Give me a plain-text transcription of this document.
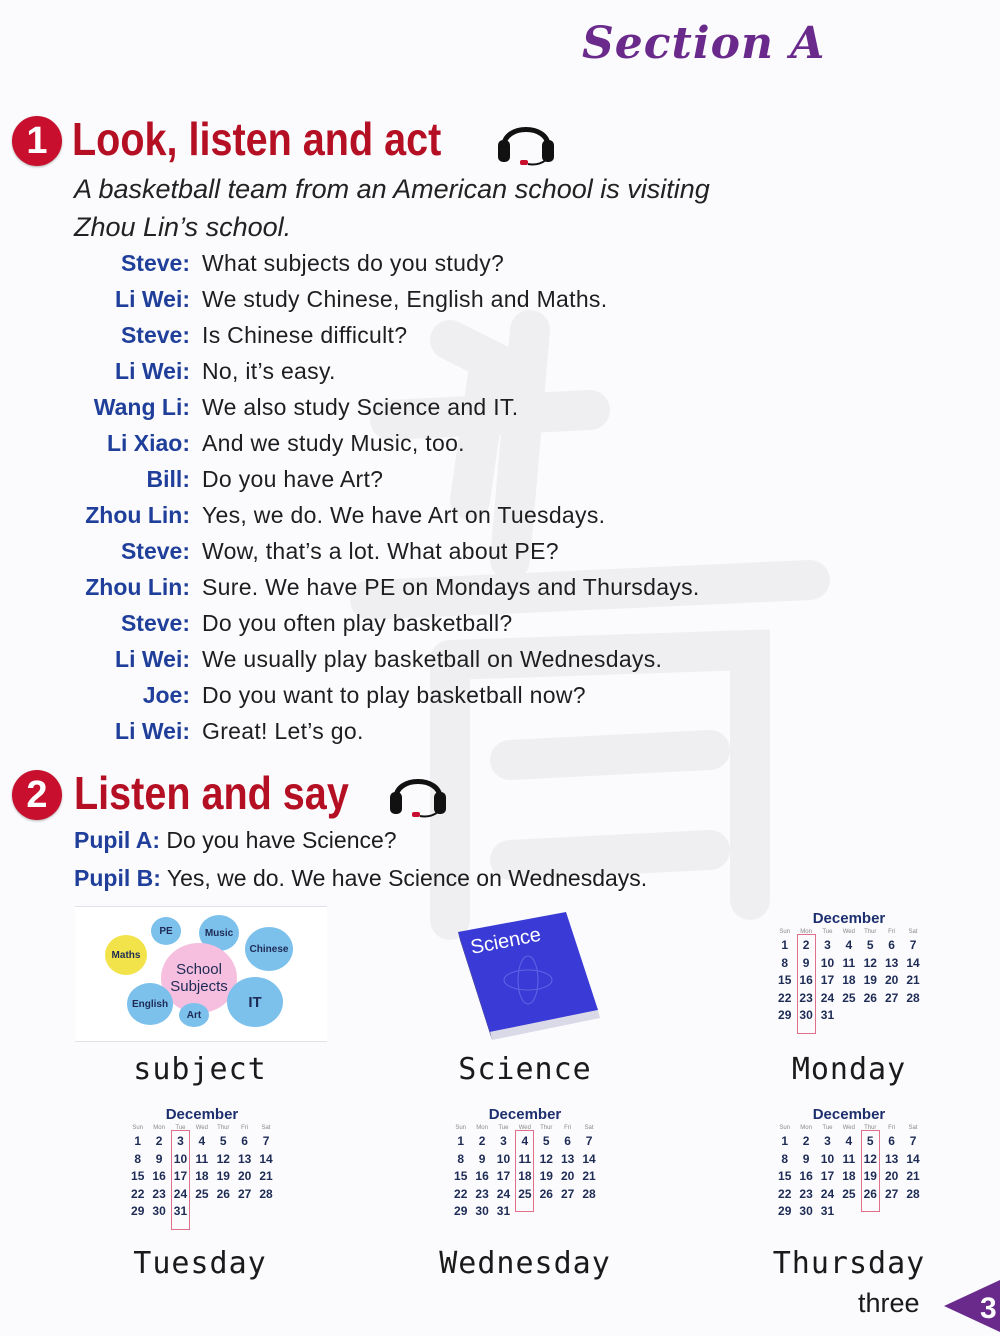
Section A
1 Look, listen and act
A basketball team from an American school is visiting
Zhou Lin’s school.
Steve: What subjects do you study?
Li Wei: We study Chinese, English and Maths.
Steve: Is Chinese difficult?
Li Wei: No, it’s easy.
Wang Li: We also study Science and IT.
Li Xiao: And we study Music, too.
Bill: Do you have Art?
Zhou Lin: Yes, we do. We have Art on Tuesdays.
Steve: Wow, that’s a lot. What about PE?
Zhou Lin: Sure. We have PE on Mondays and Thursdays.
Steve: Do you often play basketball?
Li Wei: We usually play basketball on Wednesdays.
Joe: Do you want to play basketball now?
Li Wei: Great! Let’s go.
2 Listen and say
Pupil A: Do you have Science?
Pupil B: Yes, we do. We have Science on Wednesdays.
Maths
PE	Music
Chinese
School
Subjects
English
Art
IT
Science
December
Sun	Mon	Tue	Wed	Thur	Fri	Sat
1	2	3	4	5	6	7
8	9 10 11 12 13 14
15 16 17 18 19 20 21
22 23 24 25 26 27 28
29 30 31
subject	Science	Monday
December
Sun	Mon	Tue	Wed	Thur	Fri	Sat
1	2	3	4	5	6	7
8	9 10 11 12 13 14
15 16 17 18 19 20 21
22 23 24 25 26 27 28
29 30 31
December
Sun	Mon	Tue	Wed	Thur	Fri	Sat
1	2	3	4	5	6	7
8	9 10 11 12 13 14
15 16 17 18 19 20 21
22 23 24 25 26 27 28
29 30 31
December
Sun	Mon	Tue	Wed	Thur	Fri	Sat
1	2	3	4	5	6	7
8	9 10 11 12 13 14
15 16 17 18 19 20 21
22 23 24 25 26 27 28
29 30 31
Tuesday	Wednesday	Thursday
three 3
